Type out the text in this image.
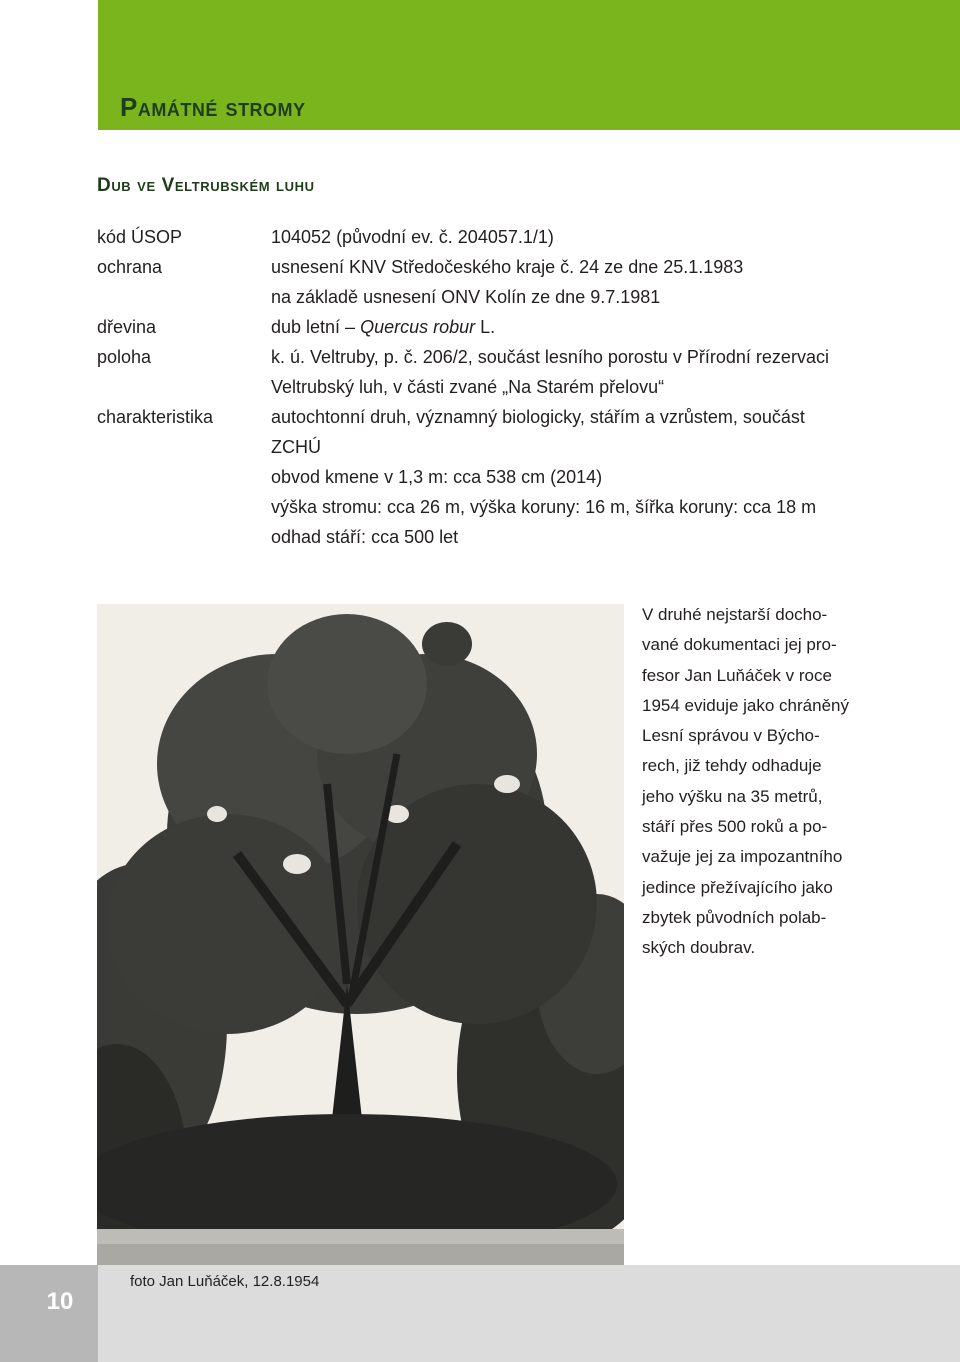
Památné stromy
Dub ve Veltrubském luhu
kód ÚSOP	104052 (původní ev. č. 204057.1/1)
ochrana	usnesení KNV Středočeského kraje č. 24 ze dne 25.1.1983
na základě usnesení ONV Kolín ze dne 9.7.1981
dřevina	dub letní – Quercus robur L.
poloha	k. ú. Veltruby, p. č. 206/2, součást lesního porostu v Přírodní rezervaci
Veltrubský luh, v části zvané „Na Starém přelovu“
charakteristika	autochtonní druh, významný biologicky, stářím a vzrůstem, součást
ZCHÚ
obvod kmene v 1,3 m: cca 538 cm (2014)
výška stromu: cca 26 m, výška koruny: 16 m, šířka koruny: cca 18 m
odhad stáří: cca 500 let
V druhé nejstarší docho-
vané dokumentaci jej pro-
fesor Jan Luňáček v roce
1954 eviduje jako chráněný
Lesní správou v Býcho-
rech, již tehdy odhaduje
jeho výšku na 35 metrů,
stáří přes 500 roků a po-
važuje jej za impozantního
jedince přežívajícího jako
zbytek původních polab-
ských doubrav.
10
foto Jan Luňáček, 12.8.1954
